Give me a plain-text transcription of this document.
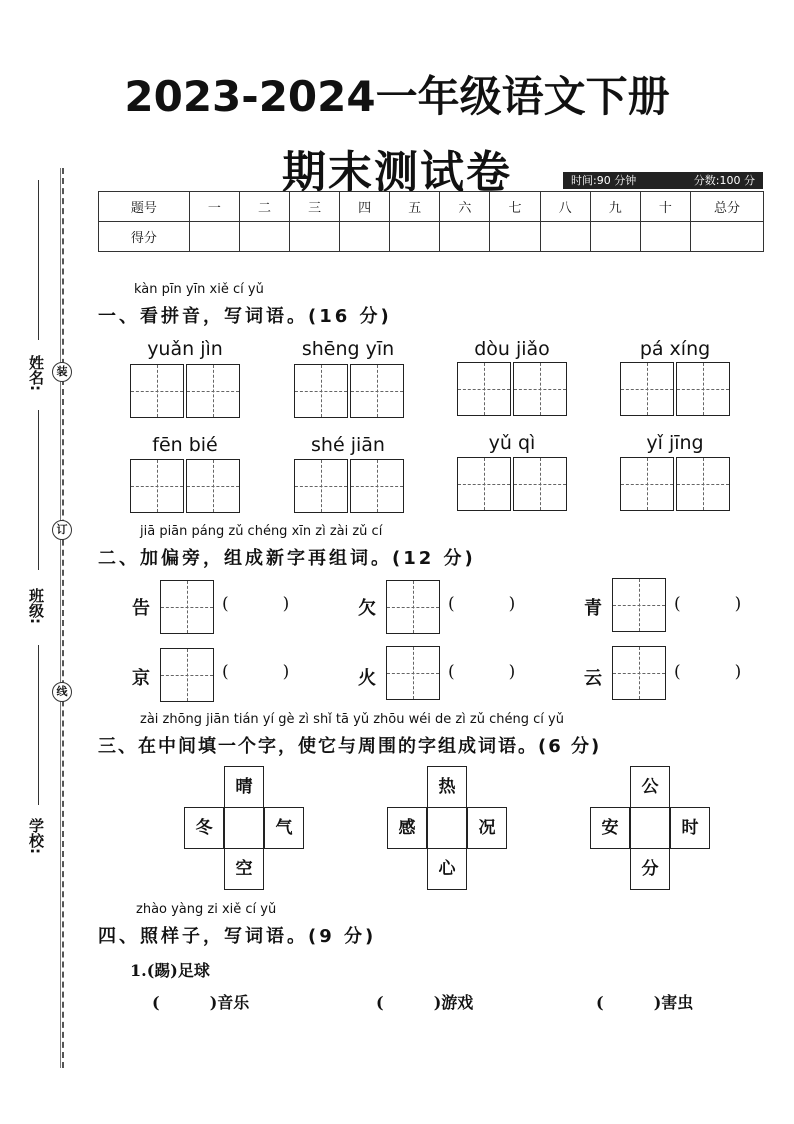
2023-2024一年级语文下册
期末测试卷	时间:90 分钟	分数:100 分
题号	一	二	三	四	五	六	七	八	九	十	总分
得分											
姓名:
班级:
学校:
装
订
线
kàn pīn yīn xiě cí yǔ
一、看拼音，写词语。(16 分)
yuǎn jìn	shēng yīn	dòu jiǎo	pá xíng
fēn bié	shé jiān	yǔ qì	yǐ jīng
jiā piān páng zǔ chéng xīn zì zài zǔ cí
二、加偏旁，组成新字再组词。(12 分)
告	(          )	欠	(          )	青	(          )
京	(          )	火	(          )	云	(          )
zài zhōng jiān tián yí gè zì shǐ tā yǔ zhōu wéi de zì zǔ chéng cí yǔ
三、在中间填一个字，使它与周围的字组成词语。(6 分)
晴
冬	气
空
热
感	况
心
公
安	时
分
zhào yàng zi xiě cí yǔ
四、照样子，写词语。(9 分)
1.(踢)足球
(         )音乐	(         )游戏	(         )害虫
